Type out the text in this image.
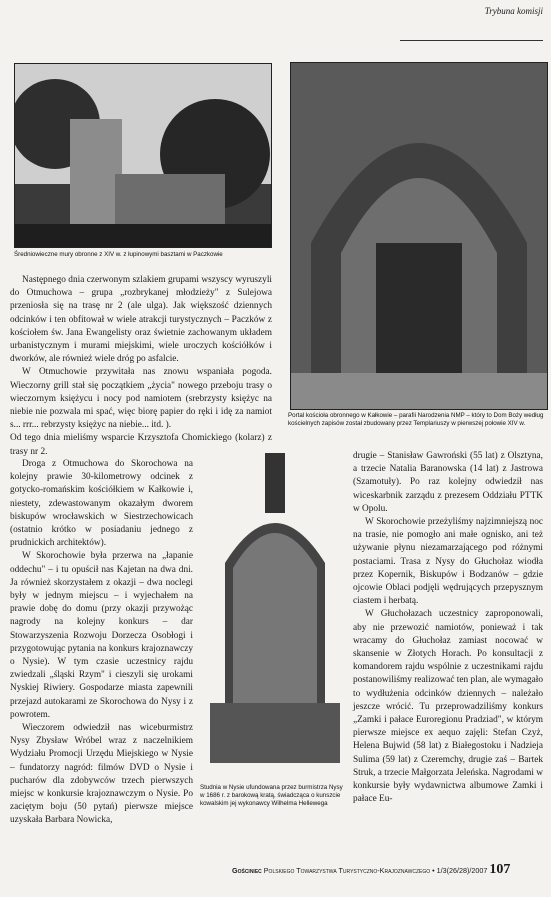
Trybuna komisji
Średniowieczne mury obronne z XIV w. z łupinowymi basztami w Paczkowie
Portal kościoła obronnego w Kałkowie – parafii Narodzenia NMP – który to Dom Boży według kościelnych zapisów został zbudowany przez Templariuszy w pierwszej połowie XIV w.
Studnia w Nysie ufundowana przez burmistrza Nysy w 1686 r. z barokową kratą, świadcząca o kunszcie kowalskim jej wykonawcy Wilhelma Hellewega

Następnego dnia czerwonym szlakiem grupami wszyscy wyruszyli do Otmuchowa – grupa „rozbrykanej młodzieży" z Sulejowa przeniosła się na trasę nr 2 (ale ulga). Jak większość dziennych odcinków i ten obfitował w wiele atrakcji turystycznych – Paczków z kościołem św. Jana Ewangelisty oraz świetnie zachowanym układem urbanistycznym i murami miejskimi, wiele uroczych kościółków i dworków, ale również wiele dróg po asfalcie.

W Otmuchowie przywitała nas znowu wspaniała pogoda. Wieczorny grill stał się początkiem „życia" nowego przeboju trasy o wieczornym księżycu i nocy pod namiotem (srebrzysty księżyc na niebie nie pozwala mi spać, więc biorę papier do ręki i idę za namiot s... rrr... rebrzysty księżyc na niebie... itd. ).

Od tego dnia mieliśmy wsparcie Krzysztofa Chomickiego (kolarz) z trasy nr 2.

Droga z Otmuchowa do Skorochowa na kolejny prawie 30-kilometrowy odcinek z gotycko-romańskim kościółkiem w Kałkowie i, niestety, zdewastowanym okazałym dworem biskupów wrocławskich w Siestrzechowicach (ostatnio krótko w posiadaniu jednego z prudnickich architektów).

W Skorochowie była przerwa na „łapanie oddechu" – i tu opuścił nas Kajetan na dwa dni. Ja również skorzystałem z okazji – dwa noclegi były w jednym miejscu – i wyjechałem na prawie dobę do domu (przy okazji przywożąc nagrody na kolejny konkurs – dar Stowarzyszenia Rozwoju Dorzecza Osobłogi i przygotowując pytania na konkurs krajoznawczy o Nysie). W tym czasie uczestnicy rajdu zwiedzali „śląski Rzym" i cieszyli się urokami Nyskiej Riwiery. Gospodarze miasta zapewnili przejazd autokarami ze Skorochowa do Nysy i z powrotem.

Wieczorem odwiedził nas wiceburmistrz Nysy Zbysław Wróbel wraz z naczelnikiem Wydziału Promocji Urzędu Miejskiego w Nysie – fundatorzy nagród: filmów DVD o Nysie i pucharów dla zdobywców trzech pierwszych miejsc w konkursie krajoznawczym o Nysie. Po zaciętym boju (50 pytań) pierwsze miejsce uzyskała Barbara Nowicka,

drugie – Stanisław Gawroński (55 lat) z Olsztyna, a trzecie Natalia Baranowska (14 lat) z Jastrowa (Szamotuły). Po raz kolejny odwiedził nas wiceskarbnik zarządu z prezesem Oddziału PTTK w Opolu.

W Skorochowie przeżyliśmy najzimniejszą noc na trasie, nie pomogło ani małe ognisko, ani też używanie płynu niezamarzającego pod różnymi postaciami. Trasa z Nysy do Głuchołaz wiodła przez Kopernik, Biskupów i Bodzanów – gdzie ojcowie Oblaci podjęli wędrujących przepysznym ciastem i herbatą.

W Głuchołazach uczestnicy zaproponowali, aby nie przewozić namiotów, ponieważ i tak wracamy do Głuchołaz zamiast nocować w skansenie w Złotych Horach. Po konsultacji z komandorem rajdu wspólnie z uczestnikami rajdu postanowiliśmy realizować ten plan, ale wymagało to wydłużenia odcinków dziennych – należało jeszcze wrócić. Tu przeprowadziliśmy konkurs „Zamki i pałace Euroregionu Pradziad", w którym pierwsze miejsce ex aequo zajęli: Stefan Czyż, Helena Bujwid (58 lat) z Białegostoku i Nadzieja Sulima (59 lat) z Czeremchy, drugie zaś – Bartek Struk, a trzecie Małgorzata Jeleńska. Nagrodami w konkursie były wydawnictwa albumowe Zamki i pałace Eu-

Gościniec Polskiego Towarzystwa Turystyczno-Krajoznawczego • 1/3(26/28)/2007 107
